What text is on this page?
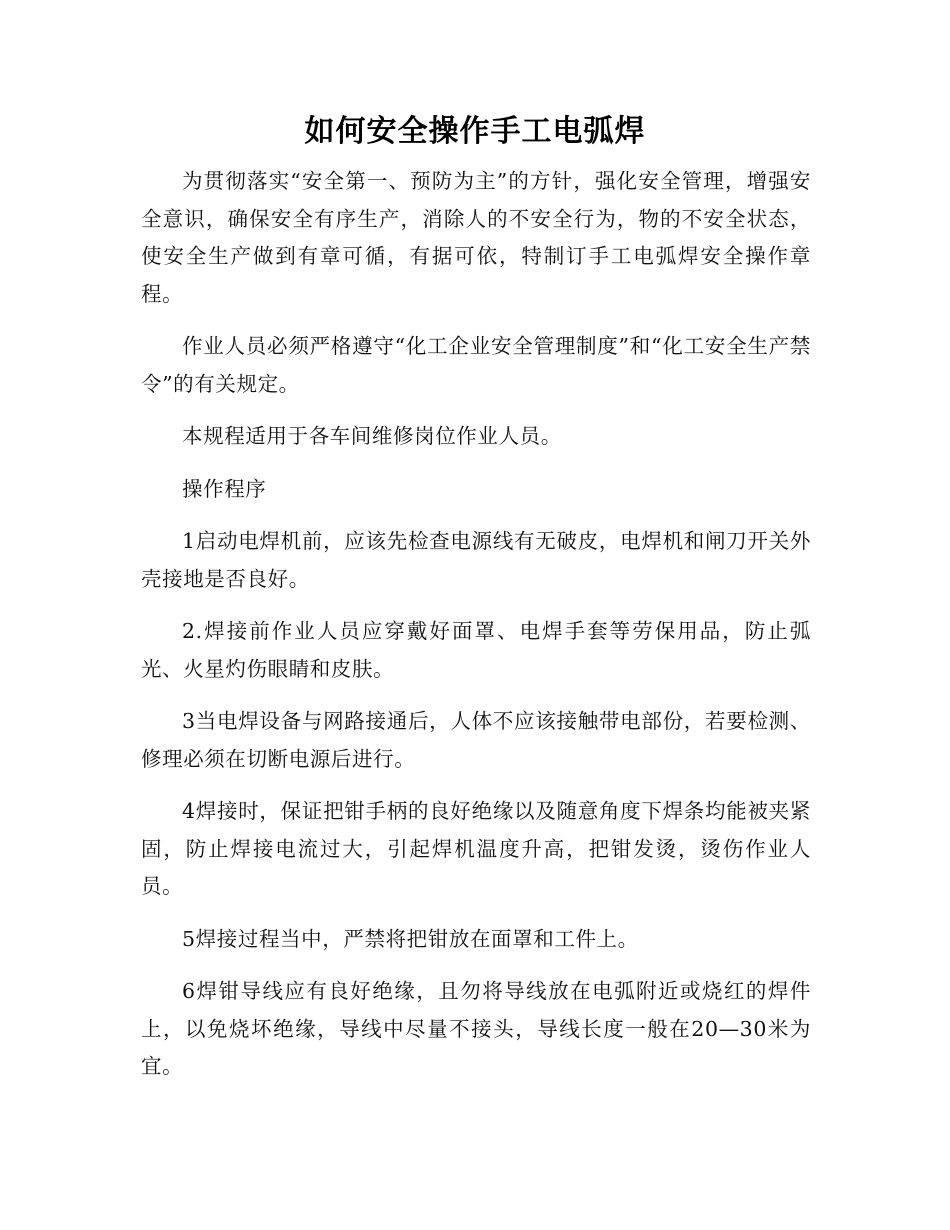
如何安全操作手工电弧焊

为贯彻落实“安全第一、预防为主”的方针，强化安全管理，增强安全意识，确保安全有序生产，消除人的不安全行为，物的不安全状态，使安全生产做到有章可循，有据可依，特制订手工电弧焊安全操作章程。

作业人员必须严格遵守“化工企业安全管理制度”和“化工安全生产禁令”的有关规定。

本规程适用于各车间维修岗位作业人员。

操作程序

1启动电焊机前，应该先检查电源线有无破皮，电焊机和闸刀开关外壳接地是否良好。

2.焊接前作业人员应穿戴好面罩、电焊手套等劳保用品，防止弧光、火星灼伤眼睛和皮肤。

3当电焊设备与网路接通后，人体不应该接触带电部份，若要检测、修理必须在切断电源后进行。

4焊接时，保证把钳手柄的良好绝缘以及随意角度下焊条均能被夹紧固，防止焊接电流过大，引起焊机温度升高，把钳发烫，烫伤作业人员。

5焊接过程当中，严禁将把钳放在面罩和工件上。

6焊钳导线应有良好绝缘，且勿将导线放在电弧附近或烧红的焊件上，以免烧坏绝缘，导线中尽量不接头，导线长度一般在20—30米为宜。
